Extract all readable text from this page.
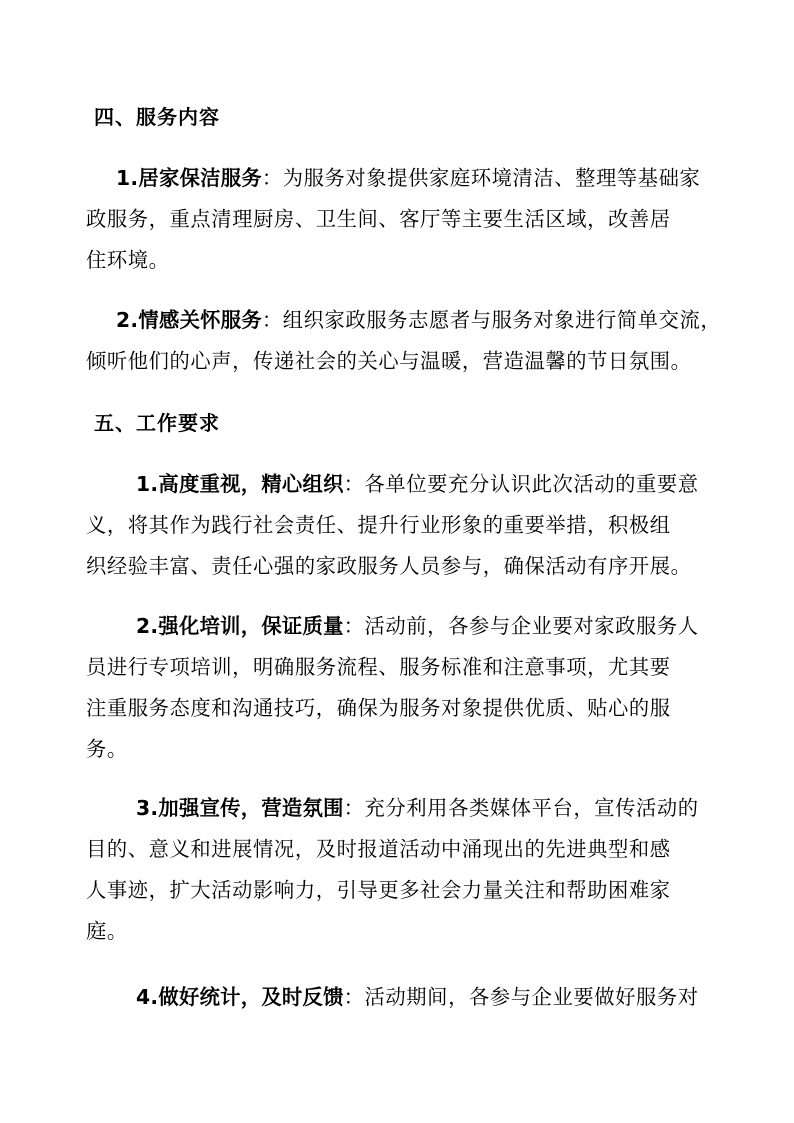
四、服务内容
1.居家保洁服务：为服务对象提供家庭环境清洁、整理等基础家
政服务，重点清理厨房、卫生间、客厅等主要生活区域，改善居
住环境。
2.情感关怀服务：组织家政服务志愿者与服务对象进行简单交流，
倾听他们的心声，传递社会的关心与温暖，营造温馨的节日氛围。
五、工作要求
1.高度重视，精心组织：各单位要充分认识此次活动的重要意
义，将其作为践行社会责任、提升行业形象的重要举措，积极组
织经验丰富、责任心强的家政服务人员参与，确保活动有序开展。
2.强化培训，保证质量：活动前，各参与企业要对家政服务人
员进行专项培训，明确服务流程、服务标准和注意事项，尤其要
注重服务态度和沟通技巧，确保为服务对象提供优质、贴心的服
务。
3.加强宣传，营造氛围：充分利用各类媒体平台，宣传活动的
目的、意义和进展情况，及时报道活动中涌现出的先进典型和感
人事迹，扩大活动影响力，引导更多社会力量关注和帮助困难家
庭。
4.做好统计，及时反馈：活动期间，各参与企业要做好服务对
